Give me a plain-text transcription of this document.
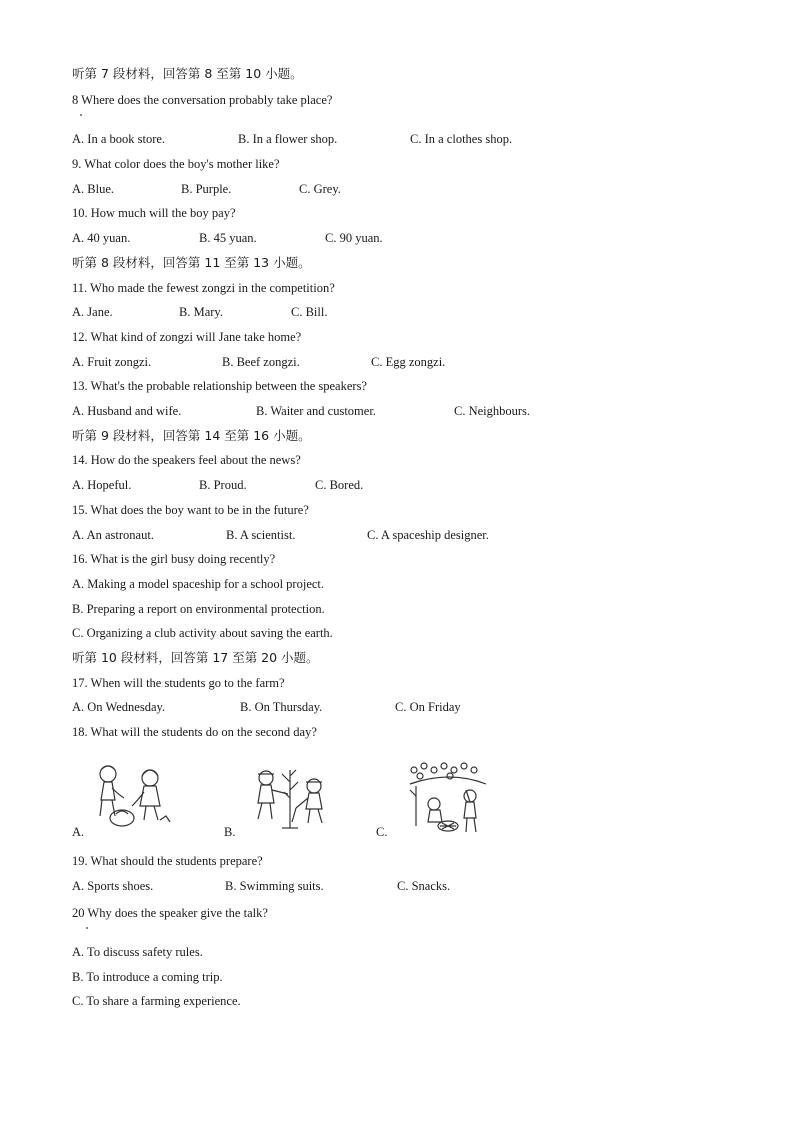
听第 7 段材料，回答第 8 至第 10 小题。
8 Where does the conversation probably take place?
A. In a book store.	B. In a flower shop.	C. In a clothes shop.
9. What color does the boy's mother like?
A. Blue.	B. Purple.	C. Grey.
10. How much will the boy pay?
A. 40 yuan.	B. 45 yuan.	C. 90 yuan.
听第 8 段材料，回答第 11 至第 13 小题。
11. Who made the fewest zongzi in the competition?
A. Jane.	B. Mary.	C. Bill.
12. What kind of zongzi will Jane take home?
A. Fruit zongzi.	B. Beef zongzi.	C. Egg zongzi.
13. What's the probable relationship between the speakers?
A. Husband and wife.	B. Waiter and customer.	C. Neighbours.
听第 9 段材料，回答第 14 至第 16 小题。
14. How do the speakers feel about the news?
A. Hopeful.	B. Proud.	C. Bored.
15. What does the boy want to be in the future?
A. An astronaut.	B. A scientist.	C. A spaceship designer.
16. What is the girl busy doing recently?
A. Making a model spaceship for a school project.
B. Preparing a report on environmental protection.
C. Organizing a club activity about saving the earth.
听第 10 段材料，回答第 17 至第 20 小题。
17. When will the students go to the farm?
A. On Wednesday.	B. On Thursday.	C. On Friday
18. What will the students do on the second day?
A.	B.	C.
19. What should the students prepare?
A. Sports shoes.	B. Swimming suits.	C. Snacks.
20 Why does the speaker give the talk?
A. To discuss safety rules.
B. To introduce a coming trip.
C. To share a farming experience.
